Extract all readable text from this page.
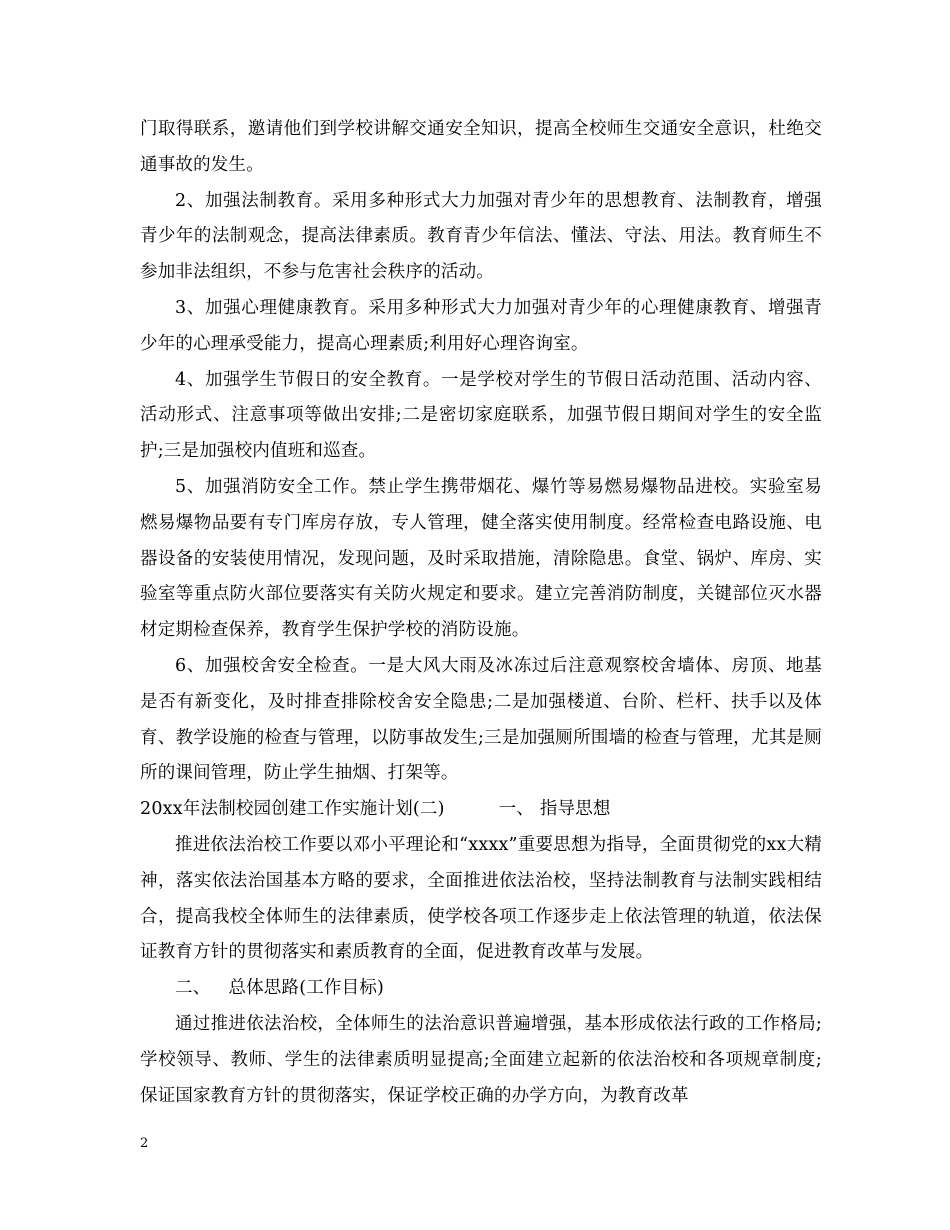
门取得联系，邀请他们到学校讲解交通安全知识，提高全校师生交通安全意识，杜绝交通事故的发生。

2、加强法制教育。采用多种形式大力加强对青少年的思想教育、法制教育，增强青少年的法制观念，提高法律素质。教育青少年信法、懂法、守法、用法。教育师生不参加非法组织，不参与危害社会秩序的活动。

3、加强心理健康教育。采用多种形式大力加强对青少年的心理健康教育、增强青少年的心理承受能力，提高心理素质;利用好心理咨询室。

4、加强学生节假日的安全教育。一是学校对学生的节假日活动范围、活动内容、活动形式、注意事项等做出安排;二是密切家庭联系，加强节假日期间对学生的安全监护;三是加强校内值班和巡查。

5、加强消防安全工作。禁止学生携带烟花、爆竹等易燃易爆物品进校。实验室易燃易爆物品要有专门库房存放，专人管理，健全落实使用制度。经常检查电路设施、电器设备的安装使用情况，发现问题，及时采取措施，清除隐患。食堂、锅炉、库房、实验室等重点防火部位要落实有关防火规定和要求。建立完善消防制度，关键部位灭水器材定期检查保养，教育学生保护学校的消防设施。

6、加强校舍安全检查。一是大风大雨及冰冻过后注意观察校舍墙体、房顶、地基是否有新变化，及时排查排除校舍安全隐患;二是加强楼道、台阶、栏杆、扶手以及体育、教学设施的检查与管理，以防事故发生;三是加强厕所围墙的检查与管理，尤其是厕所的课间管理，防止学生抽烟、打架等。

20xx年法制校园创建工作实施计划(二)	一、 指导思想

推进依法治校工作要以邓小平理论和“xxxx”重要思想为指导，全面贯彻党的xx大精神，落实依法治国基本方略的要求，全面推进依法治校，坚持法制教育与法制实践相结合，提高我校全体师生的法律素质，使学校各项工作逐步走上依法管理的轨道，依法保证教育方针的贯彻落实和素质教育的全面，促进教育改革与发展。

二、 总体思路(工作目标)

通过推进依法治校，全体师生的法治意识普遍增强，基本形成依法行政的工作格局;学校领导、教师、学生的法律素质明显提高;全面建立起新的依法治校和各项规章制度;保证国家教育方针的贯彻落实，保证学校正确的办学方向，为教育改革

2
